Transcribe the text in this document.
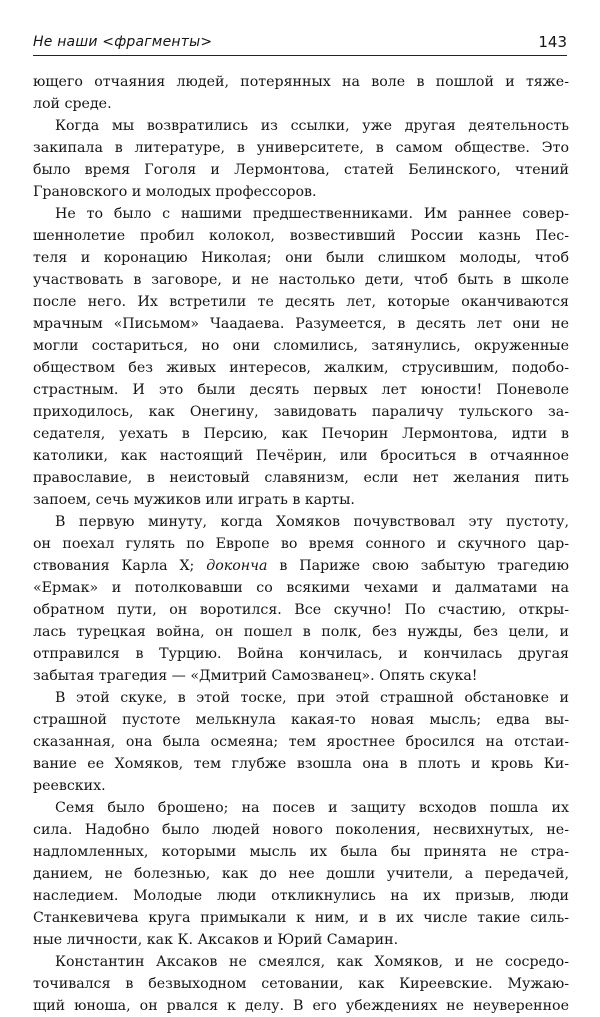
Не наши <фрагменты>	143
ющего отчаяния людей, потерянных на воле в пошлой и тяже-
лой среде.
Когда мы возвратились из ссылки, уже другая деятельность
закипала в литературе, в университете, в самом обществе. Это
было время Гоголя и Лермонтова, статей Белинского, чтений
Грановского и молодых профессоров.
Не то было с нашими предшественниками. Им раннее совер-
шеннолетие пробил колокол, возвестивший России казнь Пес-
теля и коронацию Николая; они были слишком молоды, чтоб
участвовать в заговоре, и не настолько дети, чтоб быть в школе
после него. Их встретили те десять лет, которые оканчиваются
мрачным «Письмом» Чаадаева. Разумеется, в десять лет они не
могли состариться, но они сломились, затянулись, окруженные
обществом без живых интересов, жалким, струсившим, подобо-
страстным. И это были десять первых лет юности! Поневоле
приходилось, как Онегину, завидовать параличу тульского за-
седателя, уехать в Персию, как Печорин Лермонтова, идти в
католики, как настоящий Печёрин, или броситься в отчаянное
православие, в неистовый славянизм, если нет желания пить
запоем, сечь мужиков или играть в карты.
В первую минуту, когда Хомяков почувствовал эту пустоту,
он поехал гулять по Европе во время сонного и скучного цар-
ствования Карла X; доконча в Париже свою забытую трагедию
«Ермак» и потолковавши со всякими чехами и далматами на
обратном пути, он воротился. Все скучно! По счастию, откры-
лась турецкая война, он пошел в полк, без нужды, без цели, и
отправился в Турцию. Война кончилась, и кончилась другая
забытая трагедия — «Дмитрий Самозванец». Опять скука!
В этой скуке, в этой тоске, при этой страшной обстановке и
страшной пустоте мелькнула какая-то новая мысль; едва вы-
сказанная, она была осмеяна; тем яростнее бросился на отстаи-
вание ее Хомяков, тем глубже взошла она в плоть и кровь Ки-
реевских.
Семя было брошено; на посев и защиту всходов пошла их
сила. Надобно было людей нового поколения, несвихнутых, не-
надломленных, которыми мысль их была бы принята не стра-
данием, не болезнью, как до нее дошли учители, а передачей,
наследием. Молодые люди откликнулись на их призыв, люди
Станкевичева круга примыкали к ним, и в их числе такие силь-
ные личности, как К. Аксаков и Юрий Самарин.
Константин Аксаков не смеялся, как Хомяков, и не сосредо-
точивался в безвыходном сетовании, как Киреевские. Мужаю-
щий юноша, он рвался к делу. В его убеждениях не неуверенное
